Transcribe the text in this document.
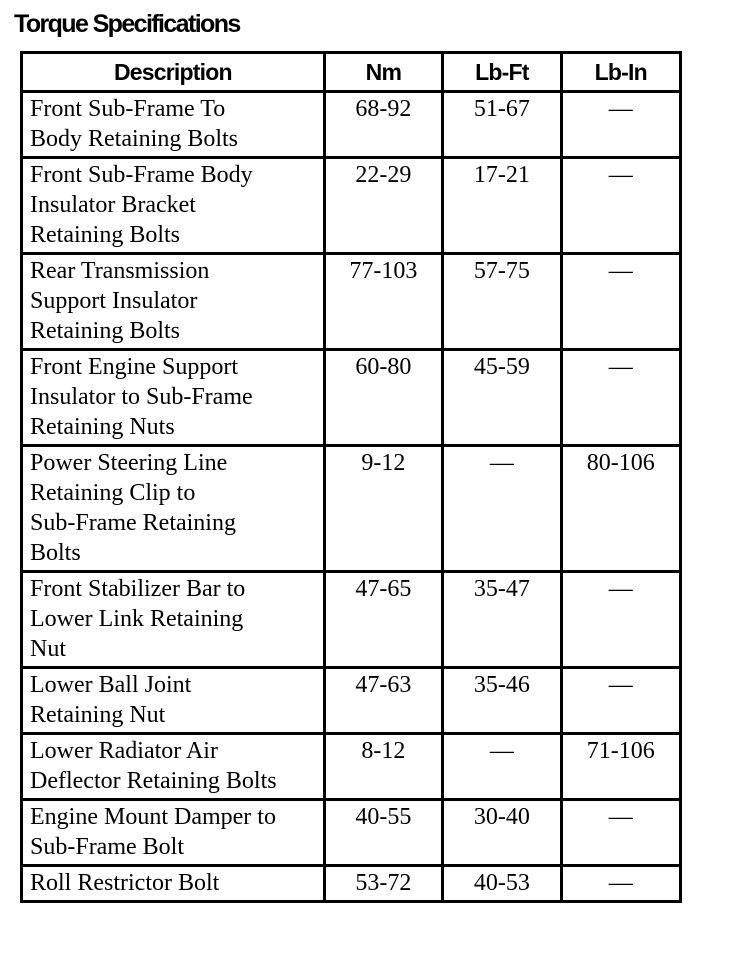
Torque Specifications
Description	Nm	Lb-Ft	Lb-In

Front Sub-Frame To
Body Retaining Bolts	68-92	51-67	—

Front Sub-Frame Body
Insulator Bracket
Retaining Bolts	22-29	17-21	—

Rear Transmission
Support Insulator
Retaining Bolts	77-103	57-75	—

Front Engine Support
Insulator to Sub-Frame
Retaining Nuts	60-80	45-59	—

Power Steering Line
Retaining Clip to
Sub-Frame Retaining
Bolts	9-12	—	80-106

Front Stabilizer Bar to
Lower Link Retaining
Nut	47-65	35-47	—

Lower Ball Joint
Retaining Nut	47-63	35-46	—

Lower Radiator Air
Deflector Retaining Bolts	8-12	—	71-106

Engine Mount Damper to
Sub-Frame Bolt	40-55	30-40	—

Roll Restrictor Bolt	53-72	40-53	—
